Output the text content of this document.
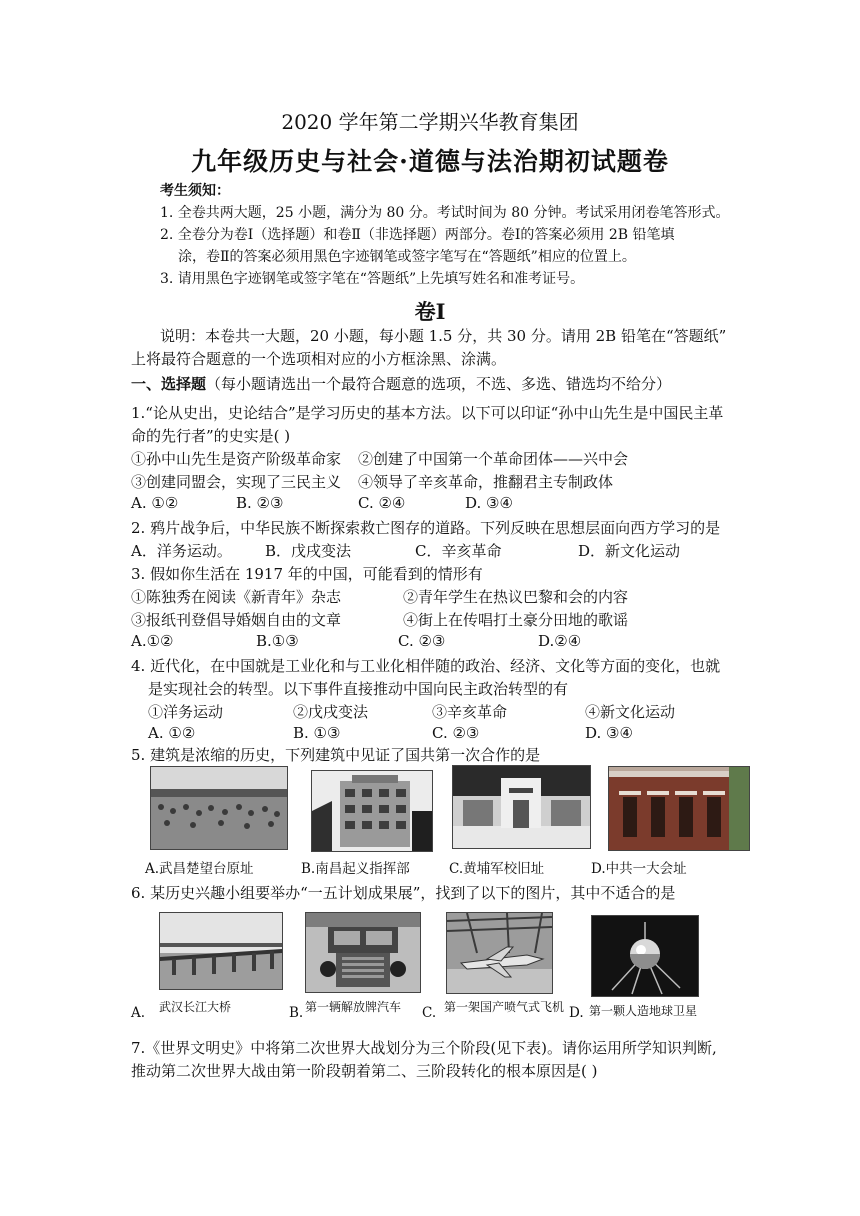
2020 学年第二学期兴华教育集团
九年级历史与社会·道德与法治期初试题卷
考生须知：
1. 全卷共两大题，25 小题，满分为 80 分。考试时间为 80 分钟。考试采用闭卷笔答形式。
2. 全卷分为卷Ⅰ（选择题）和卷Ⅱ（非选择题）两部分。卷Ⅰ的答案必须用 2B 铅笔填
涂，卷Ⅱ的答案必须用黑色字迹钢笔或签字笔写在“答题纸”相应的位置上。
3. 请用黑色字迹钢笔或签字笔在“答题纸”上先填写姓名和准考证号。
卷Ⅰ
说明：本卷共一大题，20 小题，每小题 1.5 分，共 30 分。请用 2B 铅笔在“答题纸”
上将最符合题意的一个选项相对应的小方框涂黑、涂满。
一、选择题（每小题请选出一个最符合题意的选项，不选、多选、错选均不给分）
1.“论从史出，史论结合”是学习历史的基本方法。以下可以印证“孙中山先生是中国民主革
命的先行者”的史实是( )
①孙中山先生是资产阶级革命家 ②创建了中国第一个革命团体——兴中会
③创建同盟会，实现了三民主义 ④领导了辛亥革命，推翻君主专制政体
A. ①②	B. ②③	C. ②④	D. ③④
2. 鸦片战争后，中华民族不断探索救亡图存的道路。下列反映在思想层面向西方学习的是
A．洋务运动。 B．戊戌变法	C．辛亥革命	D．新文化运动
3. 假如你生活在 1917 年的中国，可能看到的情形有
①陈独秀在阅读《新青年》杂志	②青年学生在热议巴黎和会的内容
③报纸刊登倡导婚姻自由的文章	④街上在传唱打土豪分田地的歌谣
A.①②	B.①③	C. ②③	D.②④
4. 近代化，在中国就是工业化和与工业化相伴随的政治、经济、文化等方面的变化，也就
是实现社会的转型。以下事件直接推动中国向民主政治转型的有
①洋务运动	②戊戌变法	③辛亥革命	④新文化运动
A. ①②	B. ①③	C. ②③	D. ③④
5. 建筑是浓缩的历史，下列建筑中见证了国共第一次合作的是
A.武昌楚望台原址	B.南昌起义指挥部	C.黄埔军校旧址	D.中共一大会址
6. 某历史兴趣小组要举办“一五计划成果展”，找到了以下的图片，其中不适合的是
A. 武汉长江大桥	B. 第一辆解放牌汽车 C. 第一架国产喷气式飞机 D. 第一颗人造地球卫星
7.《世界文明史》中将第二次世界大战划分为三个阶段(见下表)。请你运用所学知识判断,
推动第二次世界大战由第一阶段朝着第二、三阶段转化的根本原因是( )
